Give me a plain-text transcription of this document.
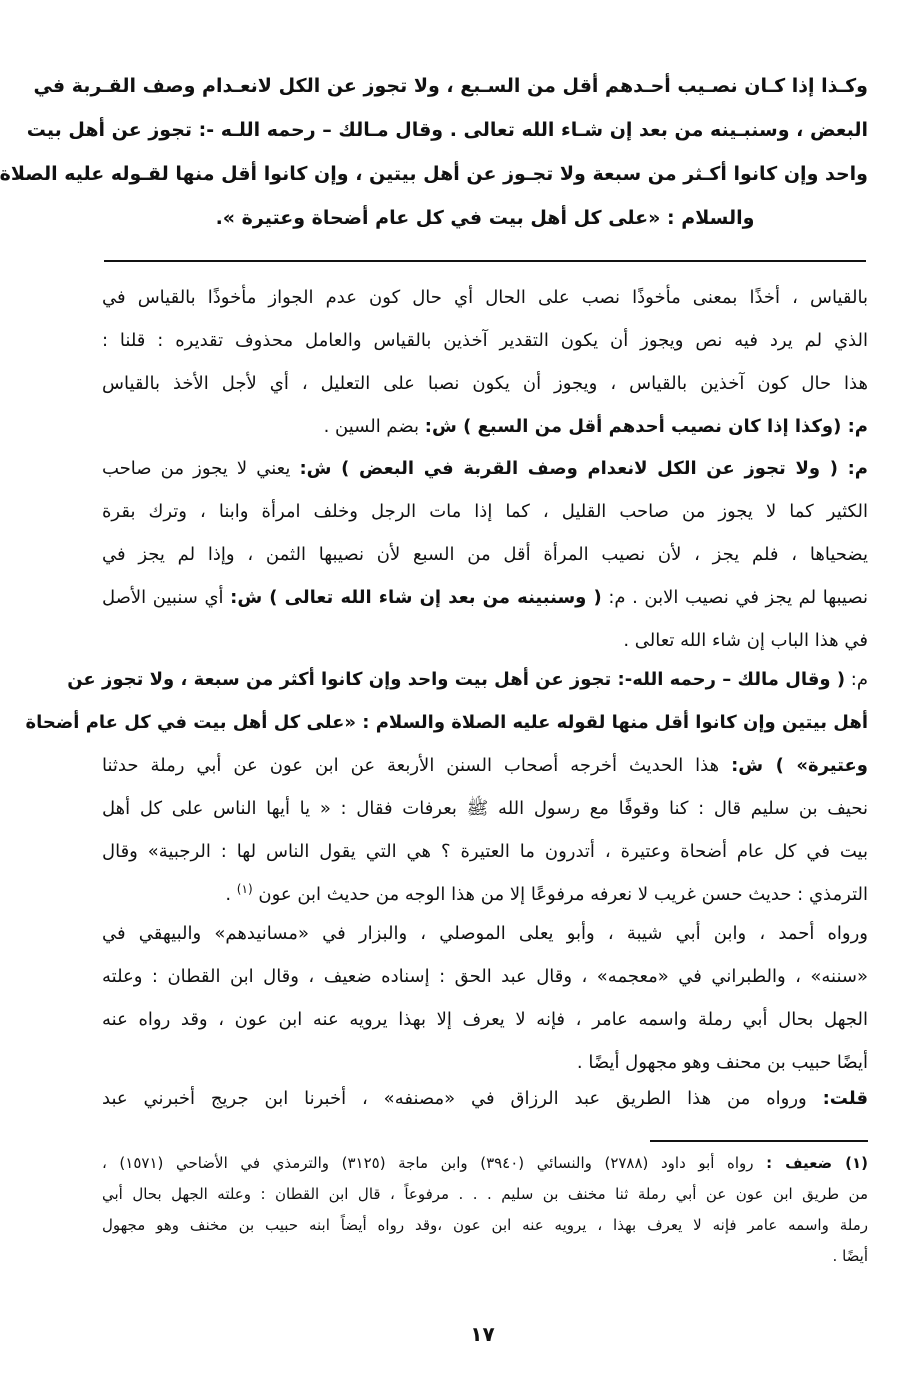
وكـذا إذا كـان نصـيب أحـدهم أقل من السـبع ، ولا تجوز عن الكل لانعـدام وصف القـربة في
البعض ، وسنبـينه من بعد إن شـاء الله تعالى . وقال مـالك – رحمه اللـه -: تجوز عن أهل بيت
واحد وإن كانوا أكـثر من سبعة ولا تجـوز عن أهل بيتين ، وإن كانوا أقل منها لقـوله عليه الصلاة
والسلام : «على كل أهل بيت في كل عام أضحاة وعتيرة ».
بالقياس ، أخذًا بمعنى مأخوذًا نصب على الحال أي حال كون عدم الجواز مأخوذًا بالقياس في
الذي لم يرد فيه نص ويجوز أن يكون التقدير آخذين بالقياس والعامل محذوف تقديره : قلنا :
هذا حال كون آخذين بالقياس ، ويجوز أن يكون نصبا على التعليل ، أي لأجل الأخذ بالقياس
م: (وكذا إذا كان نصيب أحدهم أقل من السبع ) ش: بضم السين .
م: ( ولا تجوز عن الكل لانعدام وصف القربة في البعض ) ش: يعني لا يجوز من صاحب
الكثير كما لا يجوز من صاحب القليل ، كما إذا مات الرجل وخلف امرأة وابنا ، وترك بقرة
يضحياها ، فلم يجز ، لأن نصيب المرأة أقل من السبع لأن نصيبها الثمن ، وإذا لم يجز في
نصيبها لم يجز في نصيب الابن . م: ( وسنبينه من بعد إن شاء الله تعالى ) ش: أي سنبين الأصل
في هذا الباب إن شاء الله تعالى .
م: ( وقال مالك – رحمه الله-: تجوز عن أهل بيت واحد وإن كانوا أكثر من سبعة ، ولا تجوز عن
أهل بيتين وإن كانوا أقل منها لقوله عليه الصلاة والسلام : «على كل أهل بيت في كل عام أضحاة
وعتيرة» ) ش: هذا الحديث أخرجه أصحاب السنن الأربعة عن ابن عون عن أبي رملة حدثنا
نحيف بن سليم قال : كنا وقوفًا مع رسول الله ﷺ بعرفات فقال : « يا أيها الناس على كل أهل
بيت في كل عام أضحاة وعتيرة ، أتدرون ما العتيرة ؟ هي التي يقول الناس لها : الرجبية» وقال
الترمذي : حديث حسن غريب لا نعرفه مرفوعًا إلا من هذا الوجه من حديث ابن عون $^{(١)}$ .
ورواه أحمد ، وابن أبي شيبة ، وأبو يعلى الموصلي ، والبزار في «مسانيدهم» والبيهقي في
«سننه» ، والطبراني في «معجمه» ، وقال عبد الحق : إسناده ضعيف ، وقال ابن القطان : وعلته
الجهل بحال أبي رملة واسمه عامر ، فإنه لا يعرف إلا بهذا يرويه عنه ابن عون ، وقد رواه عنه
أيضًا حبيب بن محنف وهو مجهول أيضًا .
قلت: ورواه من هذا الطريق عبد الرزاق في «مصنفه» ، أخبرنا ابن جريج أخبرني عبد
(١) ضعيف : رواه أبو داود (٢٧٨٨) والنسائي (٣٩٤٠) وابن ماجة (٣١٢٥) والترمذي في الأضاحي (١٥٧١) ،
من طريق ابن عون عن أبي رملة ثنا مخنف بن سليم . . . مرفوعاً ، قال ابن القطان : وعلته الجهل بحال أبي
رملة واسمه عامر فإنه لا يعرف بهذا ، يرويه عنه ابن عون ،وقد رواه أيضاً ابنه حبيب بن مخنف وهو مجهول
أيضًا .
١٧
